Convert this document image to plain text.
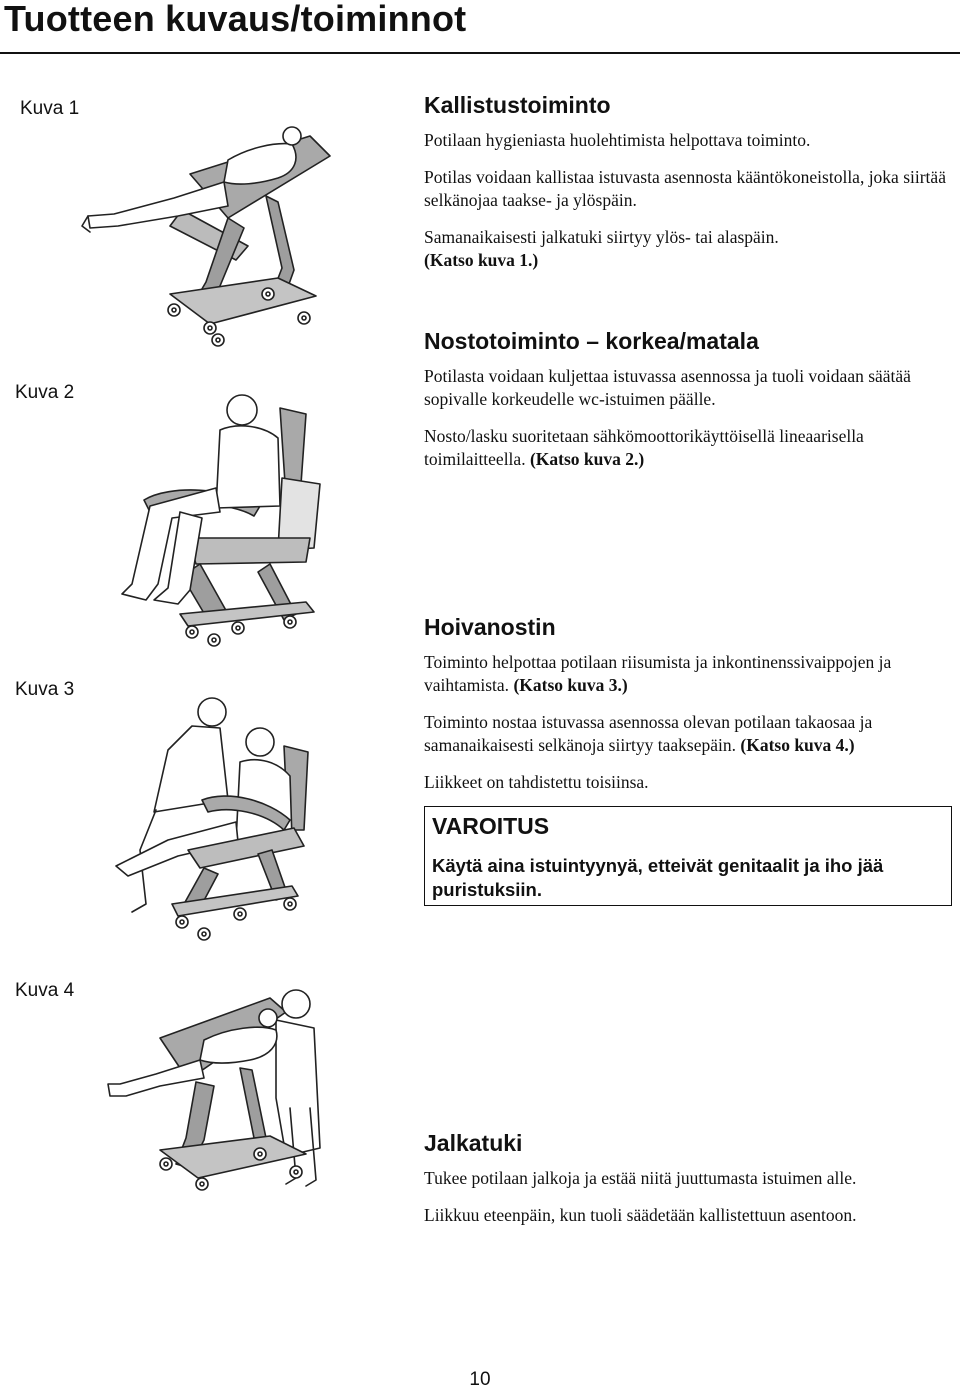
Tuotteen kuvaus/toiminnot
Kuva 1
Kuva 2
Kuva 3
Kuva 4
Kallistustoiminto

Potilaan hygieniasta huolehtimista helpottava toiminto.

Potilas voidaan kallistaa istuvasta asennosta kääntökoneistolla, joka siirtää selkänojaa taakse- ja ylöspäin.

Samanaikaisesti jalkatuki siirtyy ylös- tai alaspäin.
(Katso kuva 1.)

Nostotoiminto – korkea/matala

Potilasta voidaan kuljettaa istuvassa asennossa ja tuoli voidaan säätää sopivalle korkeudelle wc-istuimen päälle.

Nosto/lasku suoritetaan sähkömoottorikäyttöisellä lineaarisella toimilaitteella. (Katso kuva 2.)

Hoivanostin

Toiminto helpottaa potilaan riisumista ja inkontinenssivaippojen ja vaihtamista. (Katso kuva 3.)

Toiminto nostaa istuvassa asennossa olevan potilaan takaosaa ja samanaikaisesti selkänoja siirtyy taaksepäin. (Katso kuva 4.)

Liikkeet on tahdistettu toisiinsa.

VAROITUS
Käytä aina istuintyynyä, etteivät genitaalit ja iho jää puristuksiin.
Jalkatuki

Tukee potilaan jalkoja ja estää niitä juuttumasta istuimen alle.

Liikkuu eteenpäin, kun tuoli säädetään kallistettuun asentoon.

10
